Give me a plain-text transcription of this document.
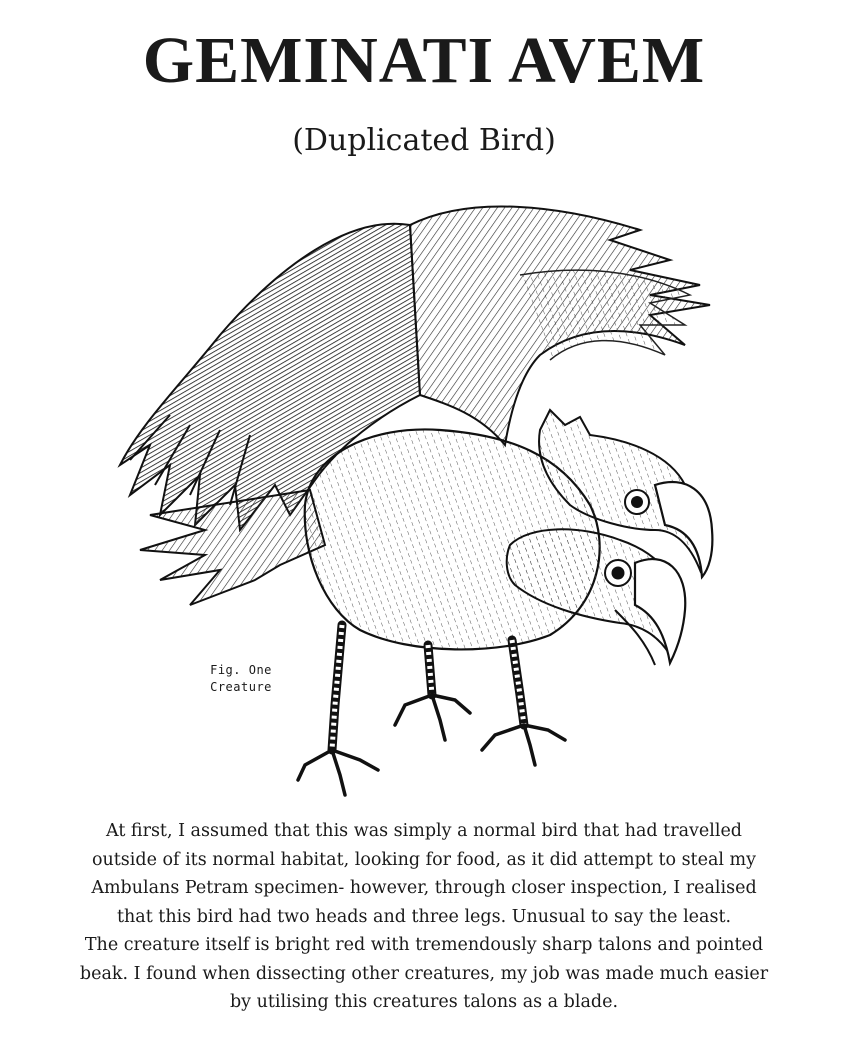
GEMINATI AVEM
(Duplicated Bird)
Fig. One
Creature
At first, I assumed that this was simply a normal bird that had travelled
outside of its normal habitat, looking for food, as it did attempt to steal my
Ambulans Petram specimen- however, through closer inspection, I realised
that this bird had two heads and three legs. Unusual to say the least.
The creature itself is bright red with tremendously sharp talons and pointed
beak. I found when dissecting other creatures, my job was made much easier
by utilising this creatures talons as a blade.
